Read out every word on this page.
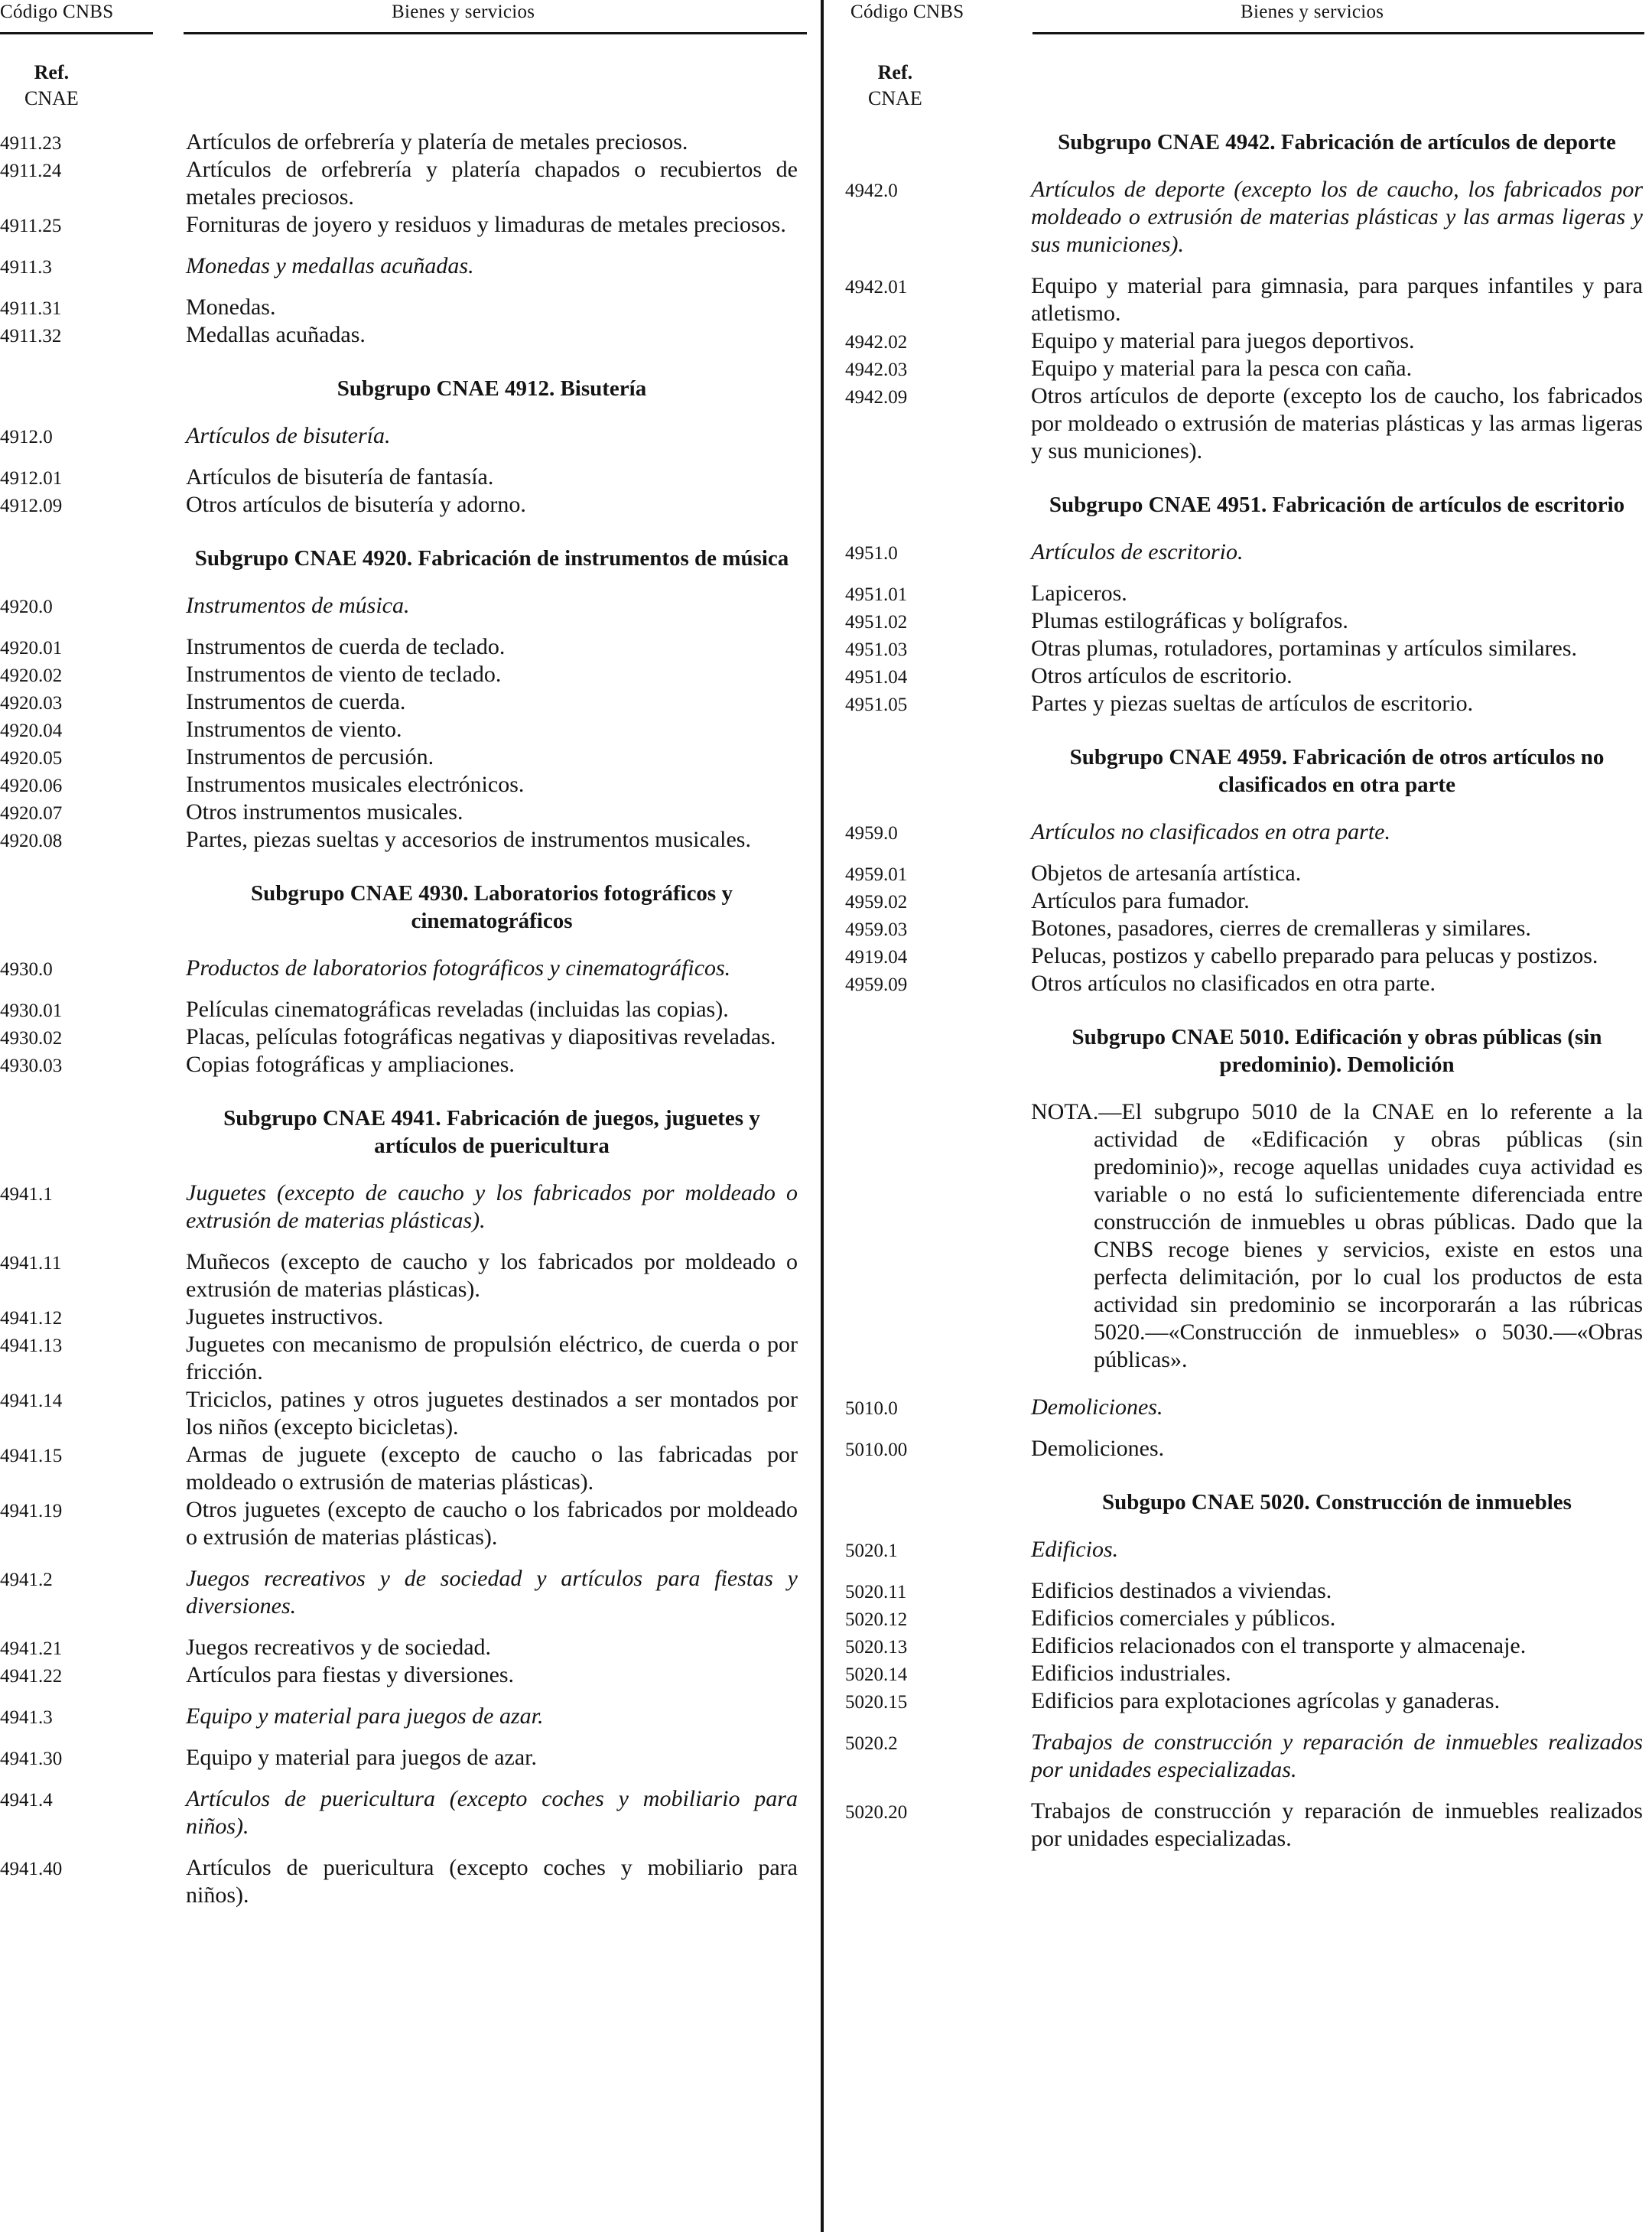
Código CNBS	Bienes y servicios	Código CNBS	Bienes y servicios
Ref.
CNAE
4911.23	Artículos de orfebrería y platería de metales preciosos.
4911.24	Artículos de orfebrería y platería chapados o recubiertos de metales preciosos.
4911.25	Fornituras de joyero y residuos y limaduras de metales preciosos.
4911.3	Monedas y medallas acuñadas.
4911.31	Monedas.
4911.32	Medallas acuñadas.
Subgrupo CNAE 4912. Bisutería
4912.0	Artículos de bisutería.
4912.01	Artículos de bisutería de fantasía.
4912.09	Otros artículos de bisutería y adorno.
Subgrupo CNAE 4920. Fabricación de instrumentos de música
4920.0	Instrumentos de música.
4920.01	Instrumentos de cuerda de teclado.
4920.02	Instrumentos de viento de teclado.
4920.03	Instrumentos de cuerda.
4920.04	Instrumentos de viento.
4920.05	Instrumentos de percusión.
4920.06	Instrumentos musicales electrónicos.
4920.07	Otros instrumentos musicales.
4920.08	Partes, piezas sueltas y accesorios de instrumentos musicales.
Subgrupo CNAE 4930. Laboratorios fotográficos y cinematográficos
4930.0	Productos de laboratorios fotográficos y cinematográficos.
4930.01	Películas cinematográficas reveladas (incluidas las copias).
4930.02	Placas, películas fotográficas negativas y diapositivas reveladas.
4930.03	Copias fotográficas y ampliaciones.
Subgrupo CNAE 4941. Fabricación de juegos, juguetes y artículos de puericultura
4941.1	Juguetes (excepto de caucho y los fabricados por moldeado o extrusión de materias plásticas).
4941.11	Muñecos (excepto de caucho y los fabricados por moldeado o extrusión de materias plásticas).
4941.12	Juguetes instructivos.
4941.13	Juguetes con mecanismo de propulsión eléctrico, de cuerda o por fricción.
4941.14	Triciclos, patines y otros juguetes destinados a ser montados por los niños (excepto bicicletas).
4941.15	Armas de juguete (excepto de caucho o las fabricadas por moldeado o extrusión de materias plásticas).
4941.19	Otros juguetes (excepto de caucho o los fabricados por moldeado o extrusión de materias plásticas).
4941.2	Juegos recreativos y de sociedad y artículos para fiestas y diversiones.
4941.21	Juegos recreativos y de sociedad.
4941.22	Artículos para fiestas y diversiones.
4941.3	Equipo y material para juegos de azar.
4941.30	Equipo y material para juegos de azar.
4941.4	Artículos de puericultura (excepto coches y mobiliario para niños).
4941.40	Artículos de puericultura (excepto coches y mobiliario para niños).
Ref.
CNAE
Subgrupo CNAE 4942. Fabricación de artículos de deporte
4942.0	Artículos de deporte (excepto los de caucho, los fabricados por moldeado o extrusión de materias plásticas y las armas ligeras y sus municiones).
4942.01	Equipo y material para gimnasia, para parques infantiles y para atletismo.
4942.02	Equipo y material para juegos deportivos.
4942.03	Equipo y material para la pesca con caña.
4942.09	Otros artículos de deporte (excepto los de caucho, los fabricados por moldeado o extrusión de materias plásticas y las armas ligeras y sus municiones).
Subgrupo CNAE 4951. Fabricación de artículos de escritorio
4951.0	Artículos de escritorio.
4951.01	Lapiceros.
4951.02	Plumas estilográficas y bolígrafos.
4951.03	Otras plumas, rotuladores, portaminas y artículos similares.
4951.04	Otros artículos de escritorio.
4951.05	Partes y piezas sueltas de artículos de escritorio.
Subgrupo CNAE 4959. Fabricación de otros artículos no clasificados en otra parte
4959.0	Artículos no clasificados en otra parte.
4959.01	Objetos de artesanía artística.
4959.02	Artículos para fumador.
4959.03	Botones, pasadores, cierres de cremalleras y similares.
4919.04	Pelucas, postizos y cabello preparado para pelucas y postizos.
4959.09	Otros artículos no clasificados en otra parte.
Subgrupo CNAE 5010. Edificación y obras públicas (sin predominio). Demolición
NOTA.—El subgrupo 5010 de la CNAE en lo referente a la actividad de «Edificación y obras públicas (sin predominio)», recoge aquellas unidades cuya actividad es variable o no está lo suficientemente diferenciada entre construcción de inmuebles u obras públicas. Dado que la CNBS recoge bienes y servicios, existe en estos una perfecta delimitación, por lo cual los productos de esta actividad sin predominio se incorporarán a las rúbricas 5020.—«Construcción de inmuebles» o 5030.—«Obras públicas».
5010.0	Demoliciones.
5010.00	Demoliciones.
Subgupo CNAE 5020. Construcción de inmuebles
5020.1	Edificios.
5020.11	Edificios destinados a viviendas.
5020.12	Edificios comerciales y públicos.
5020.13	Edificios relacionados con el transporte y almacenaje.
5020.14	Edificios industriales.
5020.15	Edificios para explotaciones agrícolas y ganaderas.
5020.2	Trabajos de construcción y reparación de inmuebles realizados por unidades especializadas.
5020.20	Trabajos de construcción y reparación de inmuebles realizados por unidades especializadas.
